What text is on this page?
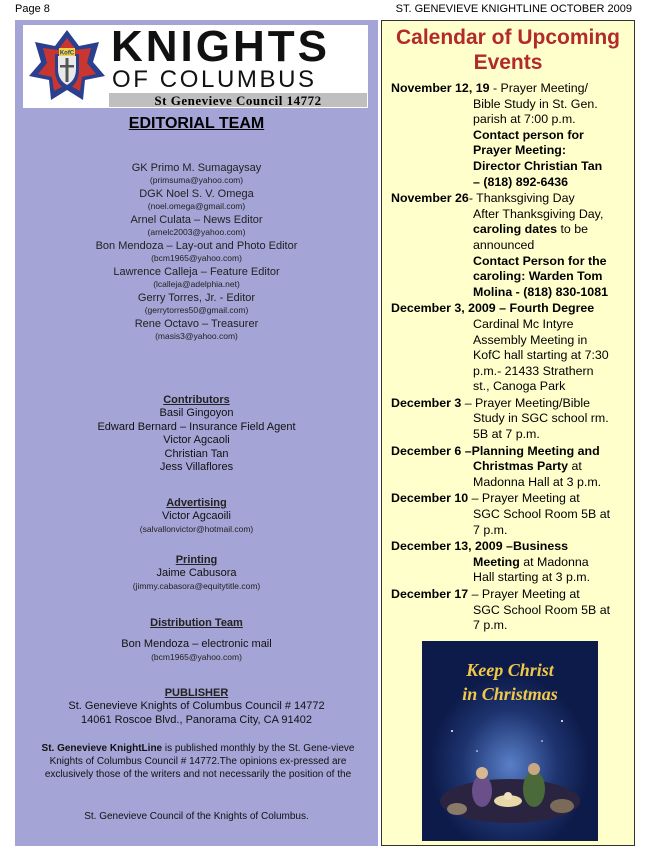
Page 8	ST. GENEVIEVE KNIGHTLINE OCTOBER 2009
KofC KNIGHTS
OF COLUMBUS
St Genevieve Council 14772
EDITORIAL TEAM
GK Primo M. Sumagaysay
(primsuma@yahoo.com)
DGK Noel S. V. Omega
(noel.omega@gmail.com)
Arnel Culata – News Editor
(arnelc2003@yahoo.com)
Bon Mendoza – Lay-out and Photo Editor
(bcm1965@yahoo.com)
Lawrence Calleja – Feature Editor
(lcalleja@adelphia.net)
Gerry Torres, Jr. - Editor
(gerrytorres50@gmail.com)
Rene Octavo – Treasurer
(masis3@yahoo.com)
Contributors
Basil Gingoyon
Edward Bernard – Insurance Field Agent
Victor Agcaoli
Christian Tan
Jess Villaflores
Advertising
Victor Agcaoili
(salvallonvictor@hotmail.com)
Printing
Jaime Cabusora
(jimmy.cabasora@equitytitle.com)
Distribution Team
Bon Mendoza – electronic mail
(bcm1965@yahoo.com)
PUBLISHER
St. Genevieve Knights of Columbus Council # 14772
14061 Roscoe Blvd., Panorama City, CA 91402
St. Genevieve KnightLine is published monthly by the St. Gene-vieve Knights of Columbus Council # 14772.The opinions ex-pressed are exclusively those of the writers and not necessarily the position of the
St. Genevieve Council of the Knights of Columbus.
Calendar of Upcoming
Events
November 12, 19 - Prayer Meeting/
Bible Study in St. Gen.
parish at 7:00 p.m.
Contact person for
Prayer Meeting:
Director Christian Tan
– (818) 892-6436
November 26- Thanksgiving Day
After Thanksgiving Day,
caroling dates to be
announced
Contact Person for the
caroling: Warden Tom
Molina - (818) 830-1081
December 3, 2009 – Fourth Degree
Cardinal Mc Intyre
Assembly Meeting in
KofC hall starting at 7:30
p.m.- 21433 Strathern
st., Canoga Park
December 3 – Prayer Meeting/Bible
Study in SGC school rm.
5B at 7 p.m.
December 6 –Planning Meeting and
Christmas Party at
Madonna Hall at 3 p.m.
December 10 – Prayer Meeting at
SGC School Room 5B at
7 p.m.
December 13, 2009 –Business
Meeting at Madonna
Hall starting at 3 p.m.
December 17 – Prayer Meeting at
SGC School Room 5B at
7 p.m.
Keep Christ
in Christmas
